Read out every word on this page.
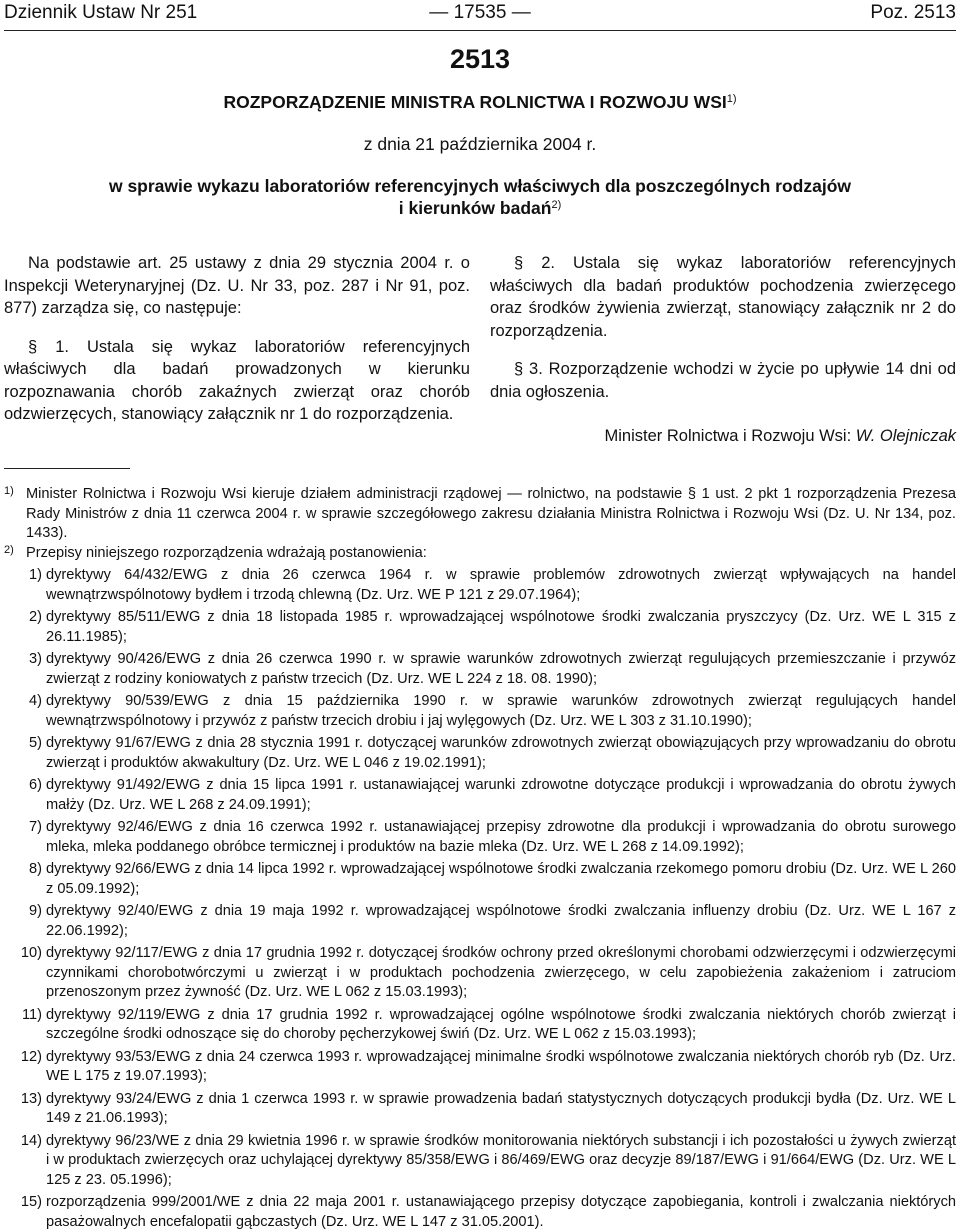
Dziennik Ustaw Nr 251	— 17535 —	Poz. 2513
2513
ROZPORZĄDZENIE MINISTRA ROLNICTWA I ROZWOJU WSI$^{1)}$
z dnia 21 października 2004 r.
w sprawie wykazu laboratoriów referencyjnych właściwych dla poszczególnych rodzajów
i kierunków badań$^{2)}$

Na podstawie art. 25 ustawy z dnia 29 stycznia 2004 r. o Inspekcji Weterynaryjnej (Dz. U. Nr 33, poz. 287 i Nr 91, poz. 877) zarządza się, co następuje:

§ 1. Ustala się wykaz laboratoriów referencyjnych właściwych dla badań prowadzonych w kierunku rozpoznawania chorób zakaźnych zwierząt oraz chorób odzwierzęcych, stanowiący załącznik nr 1 do rozporządzenia.

§ 2. Ustala się wykaz laboratoriów referencyjnych właściwych dla badań produktów pochodzenia zwierzęcego oraz środków żywienia zwierząt, stanowiący załącznik nr 2 do rozporządzenia.

§ 3. Rozporządzenie wchodzi w życie po upływie 14 dni od dnia ogłoszenia.

Minister Rolnictwa i Rozwoju Wsi: W. Olejniczak
1) Minister Rolnictwa i Rozwoju Wsi kieruje działem administracji rządowej — rolnictwo, na podstawie § 1 ust. 2 pkt 1 rozporządzenia Prezesa Rady Ministrów z dnia 11 czerwca 2004 r. w sprawie szczegółowego zakresu działania Ministra Rolnictwa i Rozwoju Wsi (Dz. U. Nr 134, poz. 1433).
2) Przepisy niniejszego rozporządzenia wdrażają postanowienia:
1) dyrektywy 64/432/EWG z dnia 26 czerwca 1964 r. w sprawie problemów zdrowotnych zwierząt wpływających na handel wewnątrzwspólnotowy bydłem i trzodą chlewną (Dz. Urz. WE P 121 z 29.07.1964);
2) dyrektywy 85/511/EWG z dnia 18 listopada 1985 r. wprowadzającej wspólnotowe środki zwalczania pryszczycy (Dz. Urz. WE L 315 z 26.11.1985);
3) dyrektywy 90/426/EWG z dnia 26 czerwca 1990 r. w sprawie warunków zdrowotnych zwierząt regulujących przemieszczanie i przywóz zwierząt z rodziny koniowatych z państw trzecich (Dz. Urz. WE L 224 z 18. 08. 1990);
4) dyrektywy 90/539/EWG z dnia 15 października 1990 r. w sprawie warunków zdrowotnych zwierząt regulujących handel wewnątrzwspólnotowy i przywóz z państw trzecich drobiu i jaj wylęgowych (Dz. Urz. WE L 303 z 31.10.1990);
5) dyrektywy 91/67/EWG z dnia 28 stycznia 1991 r. dotyczącej warunków zdrowotnych zwierząt obowiązujących przy wprowadzaniu do obrotu zwierząt i produktów akwakultury (Dz. Urz. WE L 046 z 19.02.1991);
6) dyrektywy 91/492/EWG z dnia 15 lipca 1991 r. ustanawiającej warunki zdrowotne dotyczące produkcji i wprowadzania do obrotu żywych małży (Dz. Urz. WE L 268 z 24.09.1991);
7) dyrektywy 92/46/EWG z dnia 16 czerwca 1992 r. ustanawiającej przepisy zdrowotne dla produkcji i wprowadzania do obrotu surowego mleka, mleka poddanego obróbce termicznej i produktów na bazie mleka (Dz. Urz. WE L 268 z 14.09.1992);
8) dyrektywy 92/66/EWG z dnia 14 lipca 1992 r. wprowadzającej wspólnotowe środki zwalczania rzekomego pomoru drobiu (Dz. Urz. WE L 260 z 05.09.1992);
9) dyrektywy 92/40/EWG z dnia 19 maja 1992 r. wprowadzającej wspólnotowe środki zwalczania influenzy drobiu (Dz. Urz. WE L 167 z 22.06.1992);
10) dyrektywy 92/117/EWG z dnia 17 grudnia 1992 r. dotyczącej środków ochrony przed określonymi chorobami odzwierzęcymi i odzwierzęcymi czynnikami chorobotwórczymi u zwierząt i w produktach pochodzenia zwierzęcego, w celu zapobieżenia zakażeniom i zatruciom przenoszonym przez żywność (Dz. Urz. WE L 062 z 15.03.1993);
11) dyrektywy 92/119/EWG z dnia 17 grudnia 1992 r. wprowadzającej ogólne wspólnotowe środki zwalczania niektórych chorób zwierząt i szczególne środki odnoszące się do choroby pęcherzykowej świń (Dz. Urz. WE L 062 z 15.03.1993);
12) dyrektywy 93/53/EWG z dnia 24 czerwca 1993 r. wprowadzającej minimalne środki wspólnotowe zwalczania niektórych chorób ryb (Dz. Urz. WE L 175 z 19.07.1993);
13) dyrektywy 93/24/EWG z dnia 1 czerwca 1993 r. w sprawie prowadzenia badań statystycznych dotyczących produkcji bydła (Dz. Urz. WE L 149 z 21.06.1993);
14) dyrektywy 96/23/WE z dnia 29 kwietnia 1996 r. w sprawie środków monitorowania niektórych substancji i ich pozostałości u żywych zwierząt i w produktach zwierzęcych oraz uchylającej dyrektywy 85/358/EWG i 86/469/EWG oraz decyzje 89/187/EWG i 91/664/EWG (Dz. Urz. WE L 125 z 23. 05.1996);
15) rozporządzenia 999/2001/WE z dnia 22 maja 2001 r. ustanawiającego przepisy dotyczące zapobiegania, kontroli i zwalczania niektórych pasażowalnych encefalopatii gąbczastych (Dz. Urz. WE L 147 z 31.05.2001).
